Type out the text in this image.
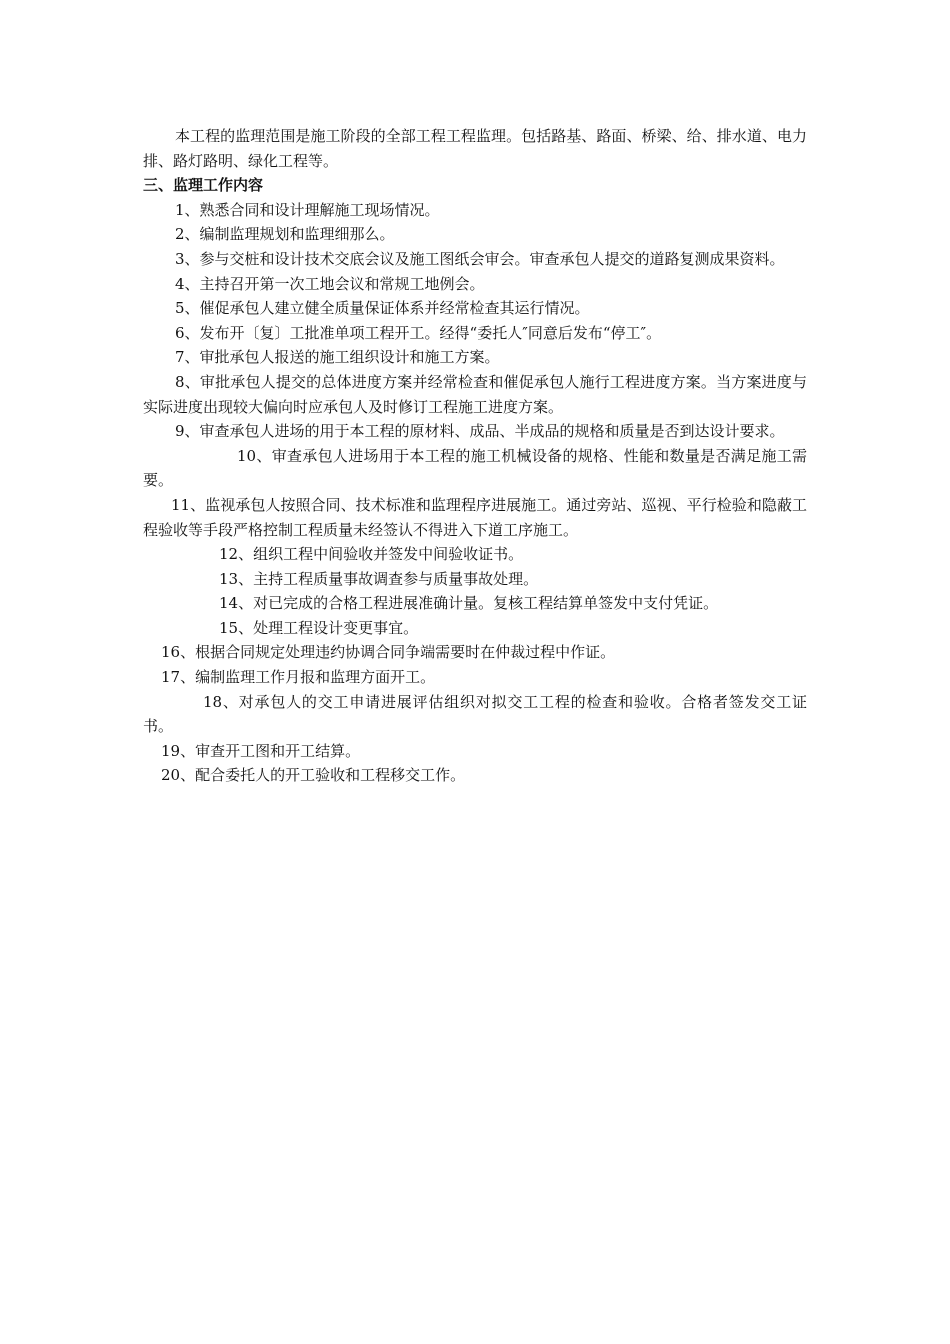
本工程的监理范围是施工阶段的全部工程工程监理。包括路基、路面、桥梁、给、排水道、电力排、路灯路明、绿化工程等。

三、监理工作内容

1、熟悉合同和设计理解施工现场情况。

2、编制监理规划和监理细那么。

3、参与交桩和设计技术交底会议及施工图纸会审会。审查承包人提交的道路复测成果资料。

4、主持召开第一次工地会议和常规工地例会。

5、催促承包人建立健全质量保证体系并经常检查其运行情况。

6、发布开〔复〕工批准单项工程开工。经得“委托人″同意后发布“停工″。

7、审批承包人报送的施工组织设计和施工方案。

8、审批承包人提交的总体进度方案并经常检查和催促承包人施行工程进度方案。当方案进度与实际进度出现较大偏向时应承包人及时修订工程施工进度方案。

9、审查承包人进场的用于本工程的原材料、成品、半成品的规格和质量是否到达设计要求。

10、审查承包人进场用于本工程的施工机械设备的规格、性能和数量是否满足施工需要。

11、监视承包人按照合同、技术标准和监理程序进展施工。通过旁站、巡视、平行检验和隐蔽工程验收等手段严格控制工程质量未经签认不得进入下道工序施工。

12、组织工程中间验收并签发中间验收证书。

13、主持工程质量事故调查参与质量事故处理。

14、对已完成的合格工程进展准确计量。复核工程结算单签发中支付凭证。

15、处理工程设计变更事宜。

16、根据合同规定处理违约协调合同争端需要时在仲裁过程中作证。

17、编制监理工作月报和监理方面开工。

18、对承包人的交工申请进展评估组织对拟交工工程的检查和验收。合格者签发交工证书。

19、审查开工图和开工结算。

20、配合委托人的开工验收和工程移交工作。
